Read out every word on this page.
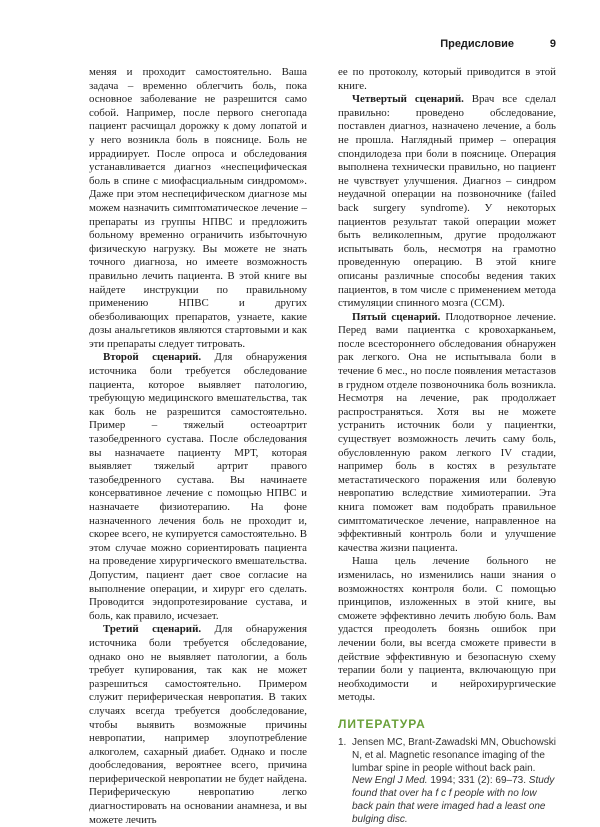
Предисловие	9

меняя и проходит самостоятельно. Ваша задача – временно облегчить боль, пока основное заболевание не разрешится само собой. Например, после первого снегопада пациент расчищал дорожку к дому лопатой и у него возникла боль в пояснице. Боль не иррадиирует. После опроса и обследования устанавливается диагноз «неспецифическая боль в спине с миофасциальным синдромом». Даже при этом неспецифическом диагнозе мы можем назначить симптоматическое лечение – препараты из группы НПВС и предложить больному временно ограничить избыточную физическую нагрузку. Вы можете не знать точного диагноза, но имеете возможность правильно лечить пациента. В этой книге вы найдете инструкции по правильному применению НПВС и других обезболивающих препаратов, узнаете, какие дозы анальгетиков являются стартовыми и как эти препараты следует титровать.

Второй сценарий. Для обнаружения источника боли требуется обследование пациента, которое выявляет патологию, требующую медицинского вмешательства, так как боль не разрешится самостоятельно. Пример – тяжелый остеоартрит тазобедренного сустава. После обследования вы назначаете пациенту МРТ, которая выявляет тяжелый артрит правого тазобедренного сустава. Вы начинаете консервативное лечение с помощью НПВС и назначаете физиотерапию. На фоне назначенного лечения боль не проходит и, скорее всего, не купируется самостоятельно. В этом случае можно сориентировать пациента на проведение хирургического вмешательства. Допустим, пациент дает свое согласие на выполнение операции, и хирург его сделать. Проводится эндопротезирование сустава, и боль, как правило, исчезает.

Третий сценарий. Для обнаружения источника боли требуется обследование, однако оно не выявляет патологии, а боль требует купирования, так как не может разрешиться самостоятельно. Примером служит периферическая невропатия. В таких случаях всегда требуется дообследование, чтобы выявить возможные причины невропатии, например злоупотребление алкоголем, сахарный диабет. Однако и после дообследования, вероятнее всего, причина периферической невропатии не будет найдена. Периферическую невропатию легко диагностировать на основании анамнеза, и вы можете лечить

ее по протоколу, который приводится в этой книге.

Четвертый сценарий. Врач все сделал правильно: проведено обследование, поставлен диагноз, назначено лечение, а боль не прошла. Наглядный пример – операция спондилодеза при боли в пояснице. Операция выполнена технически правильно, но пациент не чувствует улучшения. Диагноз – синдром неудачной операции на позвоночнике (failed back surgery syndrome). У некоторых пациентов результат такой операции может быть великолепным, другие продолжают испытывать боль, несмотря на грамотно проведенную операцию. В этой книге описаны различные способы ведения таких пациентов, в том числе с применением метода стимуляции спинного мозга (ССМ).

Пятый сценарий. Плодотворное лечение. Перед вами пациентка с кровохарканьем, после всестороннего обследования обнаружен рак легкого. Она не испытывала боли в течение 6 мес., но после появления метастазов в грудном отделе позвоночника боль возникла. Несмотря на лечение, рак продолжает распространяться. Хотя вы не можете устранить источник боли у пациентки, существует возможность лечить саму боль, обусловленную раком легкого IV стадии, например боль в костях в результате метастатического поражения или болевую невропатию вследствие химиотерапии. Эта книга поможет вам подобрать правильное симптоматическое лечение, направленное на эффективный контроль боли и улучшение качества жизни пациента.

Наша цель лечение больного не изменилась, но изменились наши знания о возможностях контроля боли. С помощью принципов, изложенных в этой книге, вы сможете эффективно лечить любую боль. Вам удастся преодолеть боязнь ошибок при лечении боли, вы всегда сможете привести в действие эффективную и безопасную схему терапии боли у пациента, включающую при необходимости и нейрохирургические методы.

ЛИТЕРАТУРА
1. Jensen MC, Brant-Zawadski MN, Obuchowski N, et al. Magnetic resonance imaging of the lumbar spine in people without back pain. New Engl J Med. 1994; 331 (2): 69–73. Study found that over ha f c f people with no low back pain that were imaged had a least one bulging disc.
